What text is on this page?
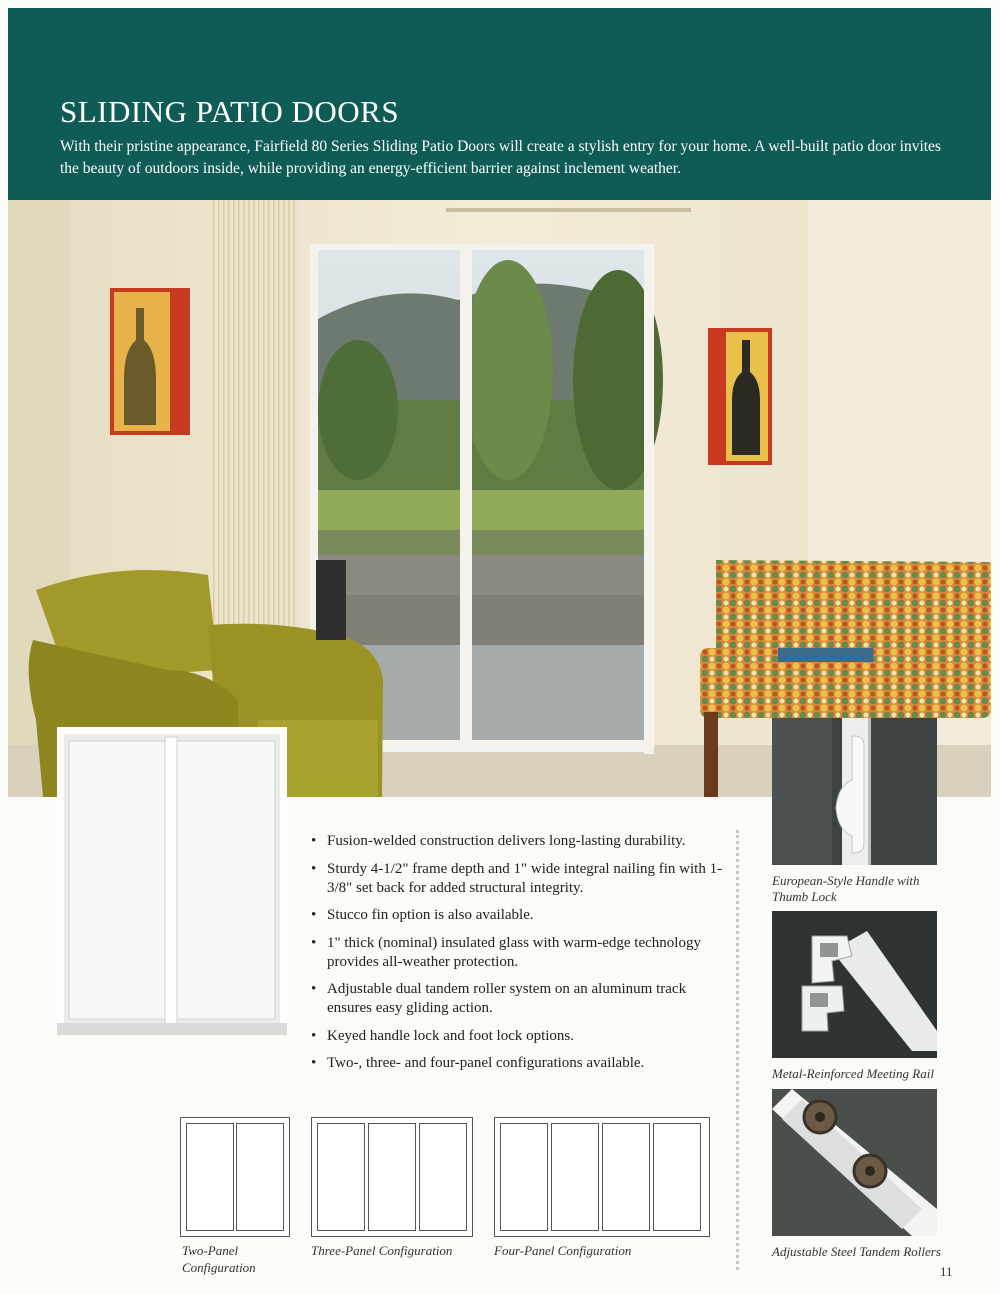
SLIDING PATIO DOORS
With their pristine appearance, Fairfield 80 Series Sliding Patio Doors will create a stylish entry for your home. A well-built patio door invites the beauty of outdoors inside, while providing an energy-efficient barrier against inclement weather.
• Fusion-welded construction delivers long-lasting durability.
• Sturdy 4-1/2" frame depth and 1" wide integral nailing fin with 1-3/8" set back for added structural integrity.
• Stucco fin option is also available.
• 1" thick (nominal) insulated glass with warm-edge technology provides all-weather protection.
• Adjustable dual tandem roller system on an aluminum track ensures easy gliding action.
• Keyed handle lock and foot lock options.
• Two-, three- and four-panel configurations available.
European-Style Handle with
Thumb Lock
Metal-Reinforced Meeting Rail
Adjustable Steel Tandem Rollers
Two-Panel
Configuration
Three-Panel Configuration	Four-Panel Configuration
11
